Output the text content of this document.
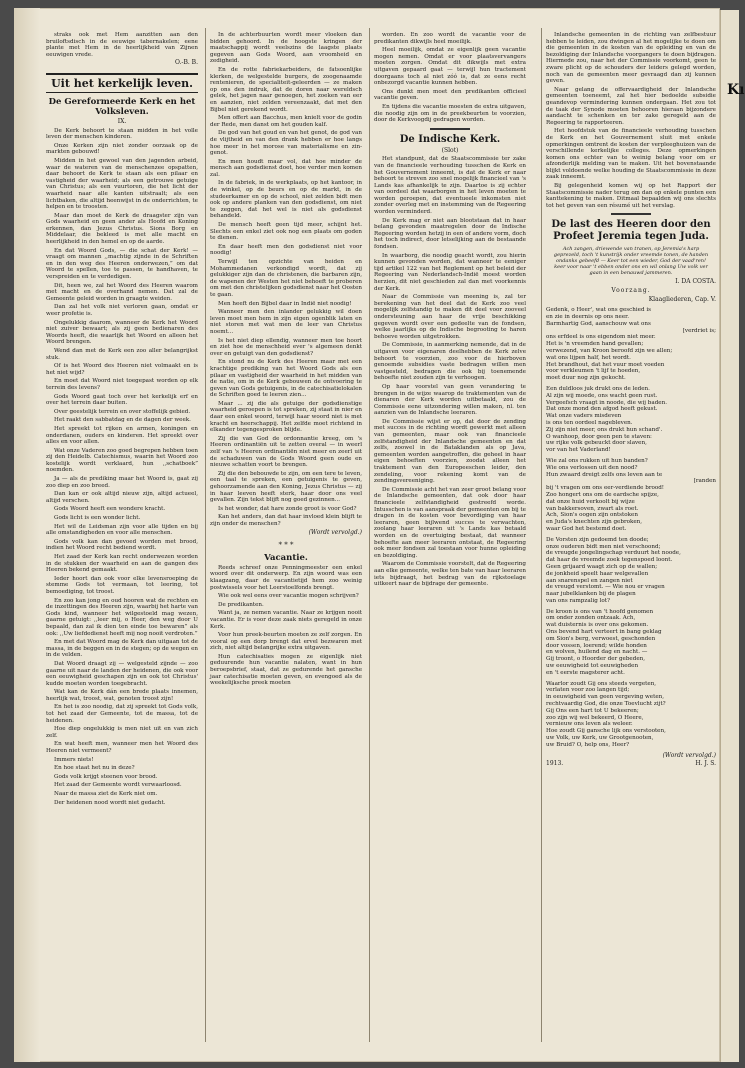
straks ook met Hem aanzitten aan den bruiloftsdisch in de eeuwige tabernakelen; eene plante met Hem in de heerlijkheid van Zijnen eeuwigen vrede.

O.-B. B.
Uit het kerkelijk leven.
De Gereformeerde Kerk en het Volksleven.
IX.

De Kerk behoort te staan midden in het volle leven der menschen kinderen.

Onze Kerken zijn niet zonder oorzaak op de markten gebouwd!

Midden in het gewoel van den jagenden arbeid, waar de wateren van de menschenzee opspatten, daar behoort de Kerk te staan als een pilaar en vastigheid der waarheid; als een getrouwe getuige van Christus; als een vuurtoren, die het licht der waarheid naar alle kanten uitstraalt; als een lichtbaken, die altijd heenwijst in de onderrichten, te helpen en te troosten.

Maar dan moet de Kerk de draagster zijn van Gods waarheid en geen ander als Hoofd en Koning erkennen, dan Jezus Christus. Sions Borg en Middelaar, die bekleed is met alle macht en heerlijkheid in den hemel en op de aarde.

En dat Woord Gods, — die schat der Kerk! — vraagt om mannen ,,machtig zijnde in de Schriften en in den weg des Heeren onderwezen,” om dat Woord te spellen, toe te passen, te handhaven, te verspreiden en te verdedigen.

Dit, heen we, zal het Woord des Heeren waarom met macht en de overhand nemen. Dat zal de Gemeente geleid worden in graagte weiden.

Dan zal het volk niet verloren gaan, omdat er weer profetie is.

Ongelukkig daarom, wanneer de Kerk het Woord niet zuiver bewaart; als zij geen bedienaren des Woords heeft, die waarlijk het Woord en alleen het Woord brengen.

Wend dan met de Kerk een zoo aller belangrijkst stuk.

Of is het Woord des Heeren niet volmaakt en is het niet wijd?

En moet dat Woord niet toegepast worden op elk terrein des levens?

Gods Woord gaat toch over het kerkelijk erf en over het terrein daar buiten.

Over geestelijk terrein en over stoffelijk gebied.

Het raakt den sabbatdag en de dagen der week.

Het spreekt tot rijken en armen, koningen en onderdanen, ouders en kinderen. Het spreekt over alles en voor allen.

Wat onze Vaderen zoo goed begrepen hebben toen zij den Heidelb. Catechismus, waarin het Woord zoo kostelijk wordt verklaard, hun ,,schatboek” noemden.

Ja — als de prediking maar het Woord is, gaat zij zoo diep en zoo breed.

Dan kan er ook altijd nieuw zijn, altijd actueel, altijd verschen.

Gods Woord heeft een wondere kracht.

Gods licht is een wonder licht.

Het wil de Leidsman zijn voor alle tijden en bij alle omstandigheden en voor alle menschen.

Gods volk kan dan gevoed worden met brood, indien het Woord recht bediend wordt.

Het zaad der Kerk kan recht onderwezen worden in de stukken der waarheid en aan de gangen des Heeren bekend gemaakt.

Ieder hoort dan ook voor elke levensroeping de stemme Gods tot vermaan, tot leering, tot bemoediging, tot troost.

En zoo kan jong en oud hooren wat de rechten en de inzettingen des Heeren zijn, waarbij het harte van Gods kind, wanneer het wilgestoeld mag wezen, gaarne getuigt: ,,leer mij, o Heer, den weg door U bepaald, dan zal ik dien ten einde toe bewaren” als ook: ,,Uw liefdedienst heeft mij nog nooit verdroten.”

En met dat Woord mag de Kerk dan uitgaan tot de massa, in de beggen en in de stegen; op de wegen en in de velden.

Dat Woord draagt zij — welgesteld zijnde — zoo gaarne uit naar de landen der heidenen, die ook voor een eeuwigheid geschapen zijn en ook tot Christus' kudde moeten worden toegebracht.

Wat kan de Kerk dán een brede plaats innemen, heerlijk wat, troost, wat, genoten troost zijn!

En het is zoo noodig, dat zij spreekt tot Gods volk, tot het zaad der Gemeente, tot de massa, tot de heidenen.

Hoe diep ongelukkig is men niet uit en van zich zelf.

En wat heeft men, wanneer men het Woord des Heeren niet vermeent?

Immers niets!

En hoe staat het nu in deze?

Gods volk krijgt steenen voor brood.

Het zaad der Gemeente wordt verwaarloosd.

Naar de massa ziet de Kerk niet om.

Der heidenen nood wordt niet gedacht.

In de achterbuurten wordt meer vloeken dan bidden gehoord. In de hoogste kringen der maatschappij wordt veelszins de laagste plaats gegeven aan Gods Woord, aan vroomheid en zedigheid.

En de rotte fabriekarbeiders, de fatsoenlijke klerken, de welgestelde burgers, de zoogenaamde rentenieren, de specialiteit-geleerden — ze maken op ons den indruk, dat de doren naar wereldsch gelek, het jagen naar genoegen, het zoeken van eer en aanzien, niet zelden vereenzaakt, dat met den Bijbel niet gerekend wordt.

Men offert aan Bacchus, men knielt voor de godin der Rede, men danst om het gouden kalf.

De god van het goud en van het genot, de god van de vlijtheid en van den drank hebben er hoe langs hoe meer in het morose van materialisme en zin-genot.

En men houdt maar vol, dat hoe minder de mensch aan godsdienst doet, hoe verder men komen zal.

In de fabriek, in de werkplaats, op het kantoor, in de winkel, op de beurs en op de markt, in de studeerkamer en op de school, niet zelden bidt men ook op andere planken van den godsdienst, om niet te zeggen, dat het wel is niet als godsdienst behandeld.

De mensch heeft geen tijd meer, schijnt het. Slechts een enkel ziet ook nog een plaats om goden te dienen.

En daar heeft men den godsdienst niet voor noodig!

Terwijl ten opzichte van heiden en Mohammedanen verkondigd wordt, dat zij gelukkiger zijn dan de christenen, die barbaren zijn, de wapenen der Westen het niet behoeft te proberen om met den christelijken godsdienst naar het Oosten te gaan.

Men heeft den Bijbel daar in Indië niet noodig!

Wanneer men den inlander gelukkig wil doen leven moet men hem in zijn eigen ogenblik laten en niet storen met wat men de leer van Christus noemt...

Is het niet diep ellendig, wanneer men toe hoort en ziet hoe de menschheid ever 's algemeen denkt over en getuigt van den godsdienst?

En stond nu de Kerk des Heeren maar met een krachtige prediking van het Woord Gods als een pilaar en vastigheid der waarheid in het midden van de natie, om in de Kerk gebouwen de ontvoering te geven van Gods getuigenis, in de catechisatielokalen de Schriften goed te leeren zien...

Maar ... zij die als getuige der godsdienstige waarheid geroepen is tot spreken, zij staat in nier en daar een enkel woord, terwijl haar woord niet is met kracht en heerschappij. Het zelfde moet richtend in elkander tegengesproken blijde.

Zij die van God de ordonnantie kreeg, om 's Heeren ordinantiën uit te zetten overal — in weerl zelf van 's Heeren ordinantiën niet meer en zeerl uit de schaduwen van de Gods Woord geen oude en nieuwe schatten voort te brengen.

Zij die den bebouwde te zijn, om een tere te leven, een taal te spreken, een getuigenis te geven, gehoorzamende aan den Koning, Jezus Christus — zij in haar leeven heeft sterk, haar door ons veel gevallen. Zijn tekst blijft nog goed gezinnen...

Is het wonder, dat hare zonde groot is voor God?

Kan het anders, dan dat haar invloed klein blijft te zijn onder de menschen?

(Wordt vervolgd.)
* * *
Vacantie.

Reeds schreef onze Penningmeester een enkel woord over dit onderwerp. En zijn woord was een klaagzang, daar de vacantietijd hem zoo weinig postwissels voor het Leerstoelfonds brengt.

Wie ook wel eens over vacantie mogen schrijven?

De predikanten.

Want ja, ze nemen vacantie. Naar ze krijgen nooit vacantie. Er is voor deze zaak niets geregeld in onze Kerk.

Voor hun preek-beurten moeten ze zelf zorgen. En vooral op een dorp brengt dat ervel bezwaren met zich, niet altijd belangrijke extra uitgaven.

Hun catechisaties mogen ze eigenlijk niet geduurende hun vacantie nalaten, want in hun beroepsbrief, staat, dat ze gedurende het gansche jaar catechisatie moeten geven, en evengoed als de weekelijksche preek moeten

worden. En zoo wordt de vacantie voor de predikanten dikwijls heel moeilijk.

Heel moeilijk, omdat ze eigenlijk geen vacantie mogen nemen. Omdat er voor plaatsvervangers moeten zorgen. Omdat dit dikwijls met extra uitgaven gepaard gaat — terwijl hun tractement doorgaans toch al niet zóó is, dat ze eens recht onbezorgd vacantie kunnen hebben.

Ons dunkt men moet den predikanten officieel vacantie geven.

En tijdens die vacantie moesten de extra uitgaven, die noodig zijn om in de preekbeurten te voorzien, door de Kerkvoogdij gedragen worden.

De Indische Kerk.
(Slot)

Het standpunt, dat de Staatscommissie ter zake van de financieele verhouding tusschen de Kerk en het Gouvernement inneemt, is dat de Kerk er naar behoort te streven zoo snel mogelijk financieel van 's Lands kas afhankelijk te zijn. Daartoe is zij echter van oordeel dat waarborgen in het leven moeten te worden geroepen, dat eventueele inkomsten niet zonder overleg met en instemming van de Regeering worden verminderd.

De Kerk mag er niet aan blootstaan dat in haar belang gevonden maatregelen door de Indische Regeering worden hetzij in een of andere vorm, doch het toch indirect, door letselijking aan de bestaande fondsen.

In waarborg, die noodig geacht wordt, zou hierin kunnen gevonden worden, dat wanneer te eeniger tijd artikel 122 van het Reglement op het beleid der Regeering van Nederlandsch-Indië moest worden herzien, dit niet geschieden zal dan met voorkennis der Kerk.

Naar de Commissie van meening is, zal ter berekening van het deel dat de Kerk zoo veel mogelijk zelfstandig te maken dit deel voor zooveel ondersteuning aan haar de vrije beschikking gegeven wordt over een gedeelte van de fondsen, welke jaarlijks op de Indische begrooting te haren behoeve worden uitgetrokken.

De Commissie, in aanmerking nemende, dat in de uitgaven voor eigenaren deelhebben de Kerk zelve behoort te voorzien, zoo voor de hierboven genoemde subsidies vaste bedragen willen men vastgesteld, bedragen die ook bij toenemende behoefte niet zouden zijn te verhoogen.

Op haar voorstel van geen verandering te brengen in de wijze waarop de traktementen van de dienaren der Kerk worden uitbetaald, zou de Commissie eene uitzondering willen maken, nl. ten aanzien van de Inlandsche leeraren.

De Commissie wijst er op, dat door de zending met succes in de richting wordt gewerkt met alleen van gemeenten, maar ook van financieele zelfstandigheid der Inlandsche gemeenten en dat zelfs, zoowel in de Bataklanden als op Java, gemeenten worden aangetroffen, die geheel in haar eigen behoeften voorzien, zoodat alleen het traktement van den Europeeschen leider, den zendeling, voor rekening komt van de zendingsvereeniging.

De Commissie acht het van zeer groot belang voor de Inlandsche gemeenten, dat ook door haar financieele zelfstandigheid gestreefd worde. Intusschen is van aanspraak der gemeenten om bij te dragen in de kosten voor bevordiging van haar leeraren, geen bijlwend succes te verwachten, zoolang haar leeraren uit 's Lands kas betaald worden en de overtuiging bestaat, dat wanneer behoefte aan meer leeraren ontstaat, de Regeering ook meer fondsen zal toestaan voor hunne opleiding en bezoldiging.

Waarom de Commissie voorstelt, dat de Regeering aan elke gemeente, welke ten bate van haar leeraren iets bijdraagt, het bedrag van de rijkstoelage uitkeert naar de bijdrage der gemeente.

Inlandsche gemeenten in de richting van zelfbestuur hebben te leiden, zou dwingen al het mogelijke te doen om die gemeenten in de kosten van de opleiding en van de bezoldiging der Inlandsche voorgangers te doen bijdragen. Hiermede zou, naar het der Commissie voorkomt, geen te zware plicht op de schouders der leiders gelegd worden, noch van de gemeenten meer gevraagd dan zij kunnen geven.

Naar gelang de offervaardigheid der Inlandsche gemeenten toeneemt, zal het hier bedoelde subsidie geandevop vermindering kunnen ondergaan. Het zou tot de taak der Synode moeten behooren hieraan bijzondere aandacht te schenken en ter zake geregeld aan de Regeering te rapporteeren.

Het hoofdstuk van de financieele verhouding tusschen de Kerk en het Gouvernement sluit met enkele opmerkingen omtrent de kosten der verpleeghuizen van de verschillende kerkelijke colleges. Deze opmerkingen komen ons echter van te weinig belang voor om er afzonderlijk melding van te maken. Uit het bovenstaande blijkt voldoende welke houding de Staatscommissie in deze zaak inneemt.

Bij gelegenheid komen wij op het Rapport der Staatscommissie nader terug om dan op enkele punten een kanttekening te maken. Ditmaal bepaalden wij ons slechts tot het geven van een résumé uit het verslag.

De last des Heeren door den Profeet Jeremia tegen Juda.
Ach zangen, driewende van tranen, op Jeremia's harp geprezeld, toch 't kunstrijk onder vreemde tonen, de handen ondanks gebeefd — Keer tot een wieder, God der vaad'ren! keer voor naar 't ebben onder ons en wil onlang Uw volk ver gaan in een benauwd jammeren.
I. DA COSTA.
Voorzang.
Klaagliederen, Cap. V.
Gedenk, o Heer', wat ons geschied is
en zie in deernis op ons neer.
Barmhartig God, aanschouw wat ons
[verdriet is;
ons erfdeel is ons eigendom niet meer.
Het is 'n vreemden hand gevallen;
verwezend, van Kroon beroofd zijn we allen;
wat ons lijpen half, het wordt.
Het brandhout, dat het vuur moet voeden
voor verkleumen 't lijf te hoeden,
moet duur nog zijn gekocht.
Een duldloos juk drukt ons de leden.
Al zijn wij moede, ons wacht geen rust.
Vergeefsch vraagt in noode, die wij baden.
Dat onze mond den afgod heeft gekust.
Wat onze vaders misdeven
is ons ten oordeel nagebleven.
Zij zijn niet meer, ons drukt hun schand'.
O wanhoop, door geen pen te staven:
uw rijke volk gebeuckt door slaven,
vor van het Vaderland!
Wie zal ons rukken uit hun banden?
Wie ons verlossen uit den nood?
Hun zwaard dreigt zelfs ons leven aan te
[randen
bij 't vragen om ons eer-verdiende brood!
Zoo hongert ons om de eardsche spijze,
dat onze huid verkoolt bij wijze
van bakkersoven, zwart als roet.
Ach, Sion's oogen zijn ontstoken
en Juda's knechten zijn gebroken,
waar God het bestemd doet.
De Vorsten zijn gedoemd ten doode;
onze ouderen bidt men niet verschoond;
de vreugde jongelingschap verduurt het noode,
dat haar de vreemde zoek tegenspoed loont.
Geen grijaard waagt zich op de wallen;
de jonkheid speelt haar welgevallen
aan snarenspel en zangen niet
de vreugd verstomt. — Wie nou er vragen
naar jubelklanken bij de plagen
van ons rampzalig lot?
De kroon is ons van 't hoofd genomen
om onder zonden ontzaak. Ach,
wat duisternis is over ons gekomen.
Ons bevend hart verteert in bang geklag
om Sion's berg, verwoest, geschonden
door vossen, loerend; wilde honden
en wolven, huilend dag en nacht. —
Gij troont, o Hoorder der gebeden,
uw eeuwigheid tot eeuwigheden
en 't eerste magsterer acht.
Waarlor zoudt Gij ons steeds vergeten,
verlaten voor zoo langen tijd;
in eeuwigheid van geen vergeving weten,
rechtvaardig God, die onze Toevlucht zijt?
Gij Ons een hart tot U bekeeren;
zoo zijn wij wel bekeerd, O Heere,
vernieuw ons leven als weleer.
Hoe zoudt Gij gansche lijk ons verstooten,
uw Volk, uw Kerk, uw Grootgenooten,
uw Bruid? O, help ons, Heer?
(Wordt vervolgd.)
1913.	H. J. S.
Kı
